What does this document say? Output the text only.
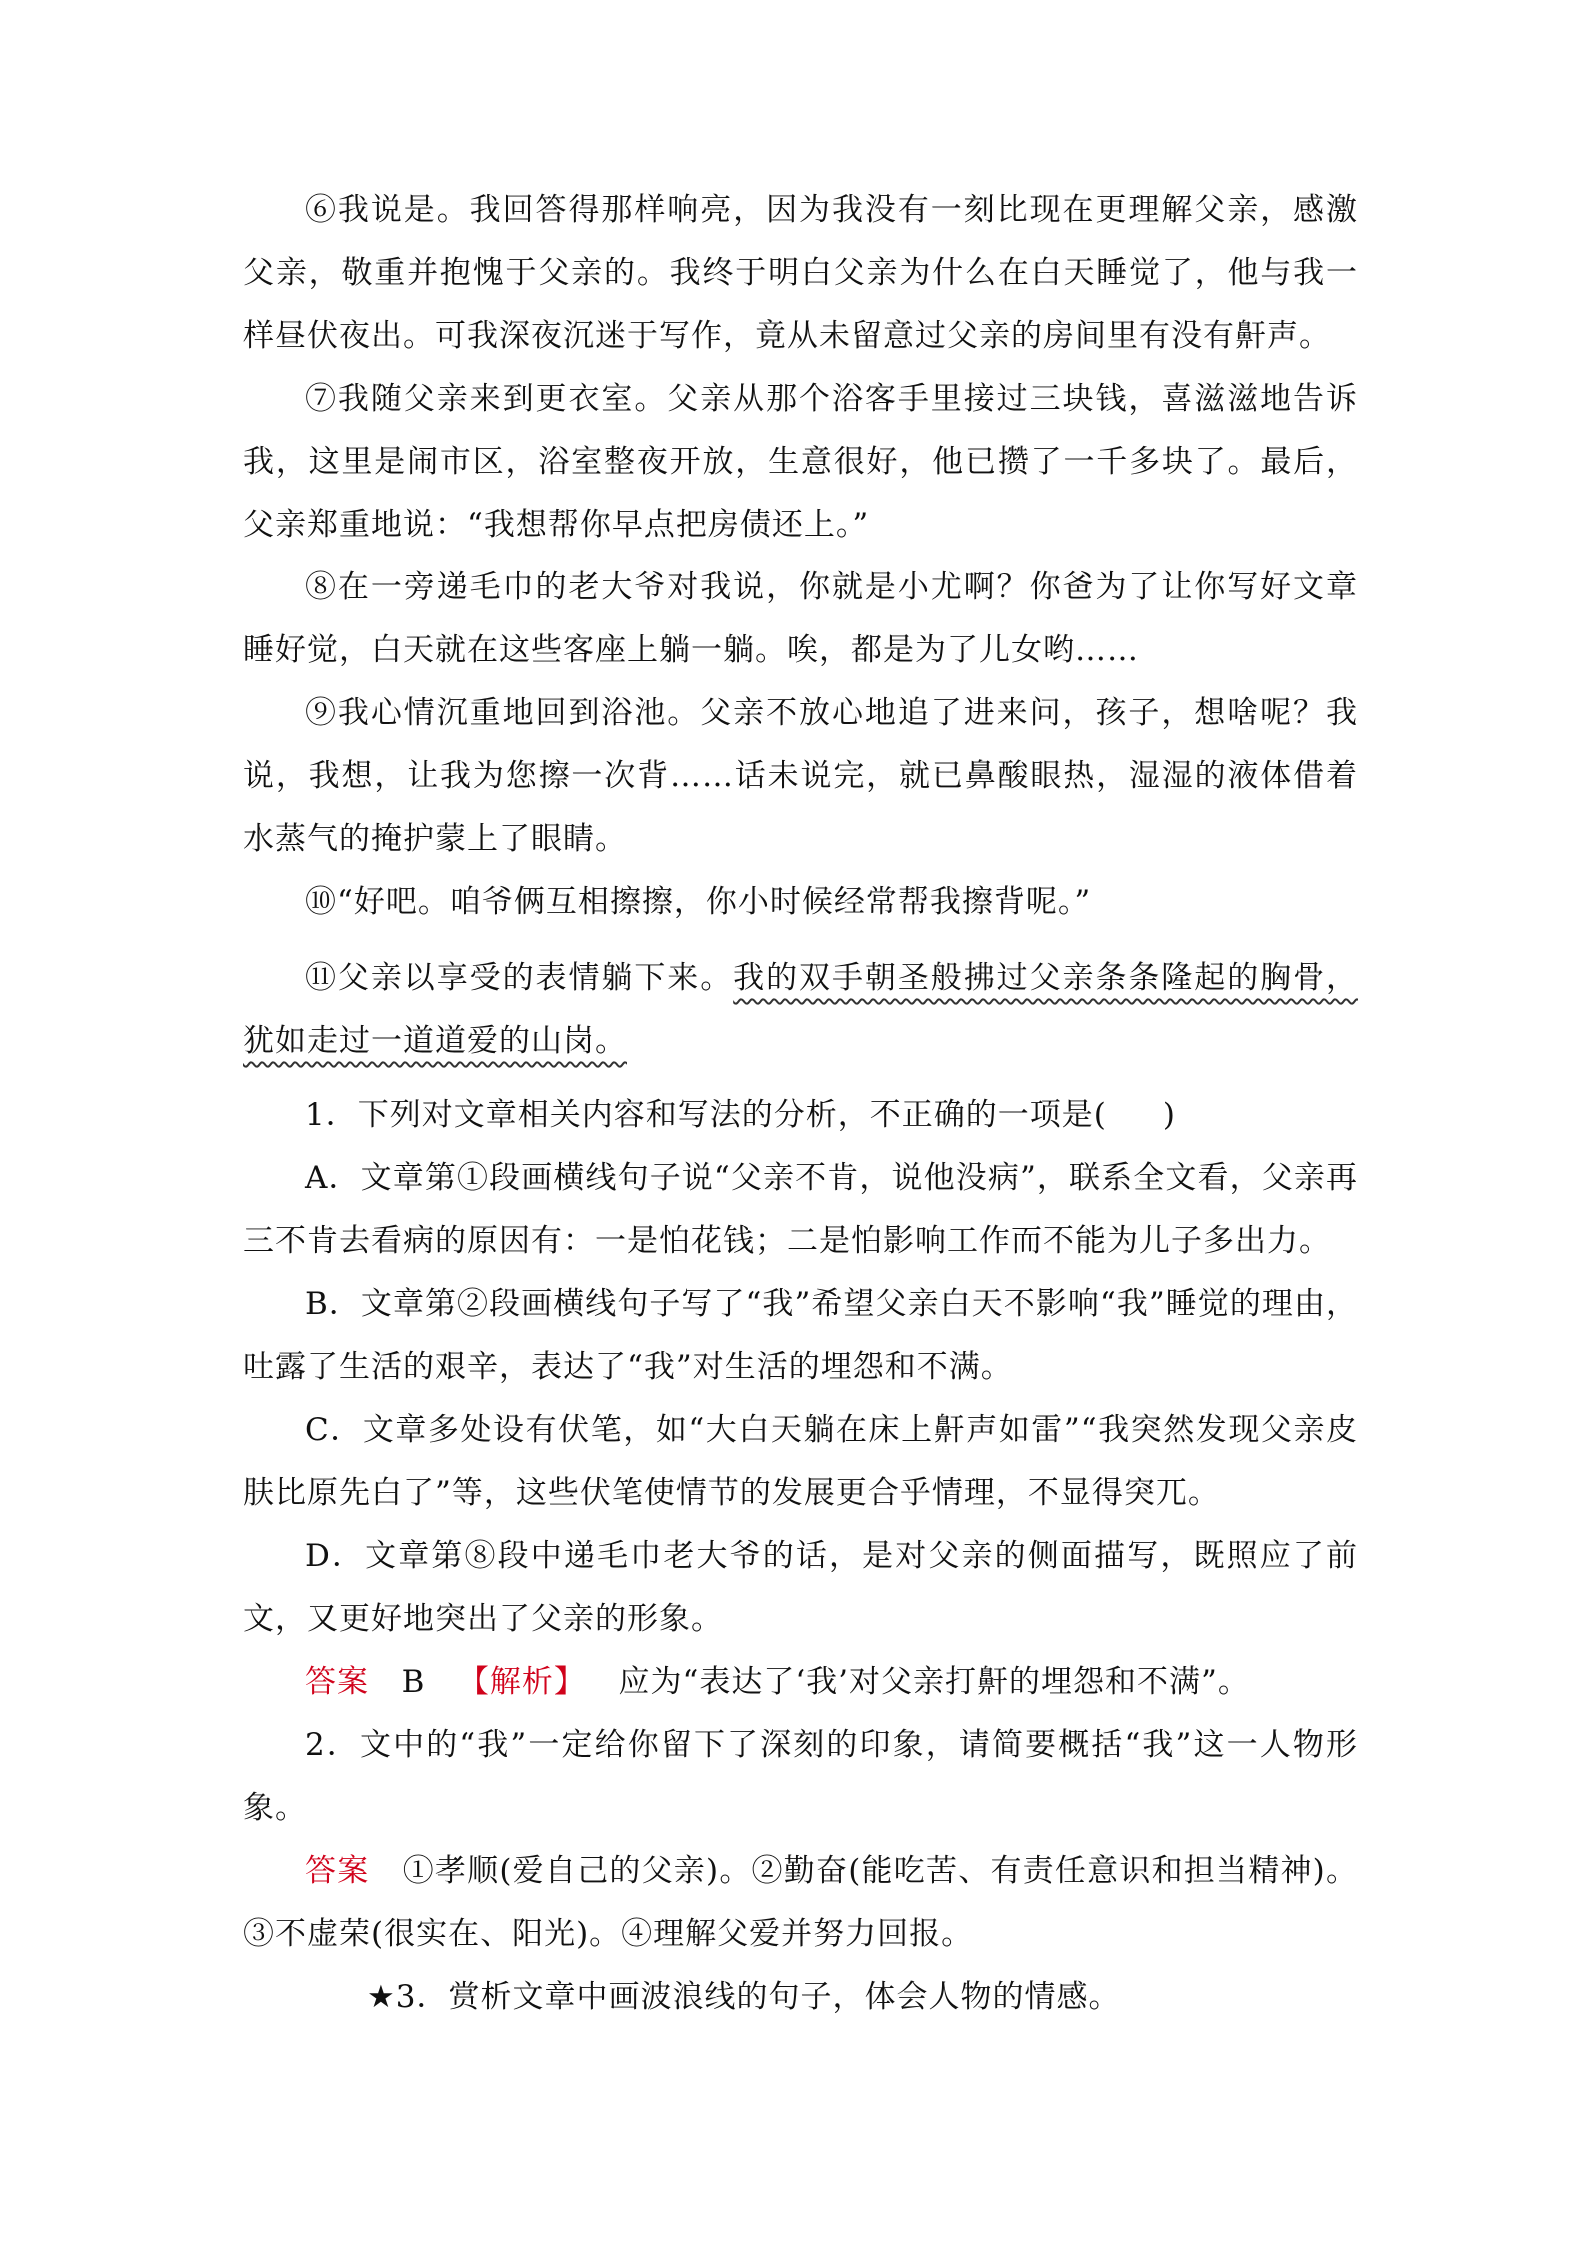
⑥我说是。我回答得那样响亮，因为我没有一刻比现在更理解父亲，感激父亲，敬重并抱愧于父亲的。我终于明白父亲为什么在白天睡觉了，他与我一样昼伏夜出。可我深夜沉迷于写作，竟从未留意过父亲的房间里有没有鼾声。

⑦我随父亲来到更衣室。父亲从那个浴客手里接过三块钱，喜滋滋地告诉我，这里是闹市区，浴室整夜开放，生意很好，他已攒了一千多块了。最后，父亲郑重地说：“我想帮你早点把房债还上。”

⑧在一旁递毛巾的老大爷对我说，你就是小尤啊？你爸为了让你写好文章睡好觉，白天就在这些客座上躺一躺。唉，都是为了儿女哟……

⑨我心情沉重地回到浴池。父亲不放心地追了进来问，孩子，想啥呢？我说，我想，让我为您擦一次背……话未说完，就已鼻酸眼热，湿湿的液体借着水蒸气的掩护蒙上了眼睛。

⑩“好吧。咱爷俩互相擦擦，你小时候经常帮我擦背呢。”

⑪父亲以享受的表情躺下来。我的双手朝圣般拂过父亲条条隆起的胸骨，犹如走过一道道爱的山岗。

1．下列对文章相关内容和写法的分析，不正确的一项是( )

A．文章第①段画横线句子说“父亲不肯，说他没病”，联系全文看，父亲再三不肯去看病的原因有：一是怕花钱；二是怕影响工作而不能为儿子多出力。

B．文章第②段画横线句子写了“我”希望父亲白天不影响“我”睡觉的理由，吐露了生活的艰辛，表达了“我”对生活的埋怨和不满。

C．文章多处设有伏笔，如“大白天躺在床上鼾声如雷”“我突然发现父亲皮肤比原先白了”等，这些伏笔使情节的发展更合乎情理，不显得突兀。

D．文章第⑧段中递毛巾老大爷的话，是对父亲的侧面描写，既照应了前文，又更好地突出了父亲的形象。

答案 B 【解析】 应为“表达了‘我’对父亲打鼾的埋怨和不满”。

2．文中的“我”一定给你留下了深刻的印象，请简要概括“我”这一人物形象。

答案 ①孝顺(爱自己的父亲)。②勤奋(能吃苦、有责任意识和担当精神)。③不虚荣(很实在、阳光)。④理解父爱并努力回报。

★3．赏析文章中画波浪线的句子，体会人物的情感。
